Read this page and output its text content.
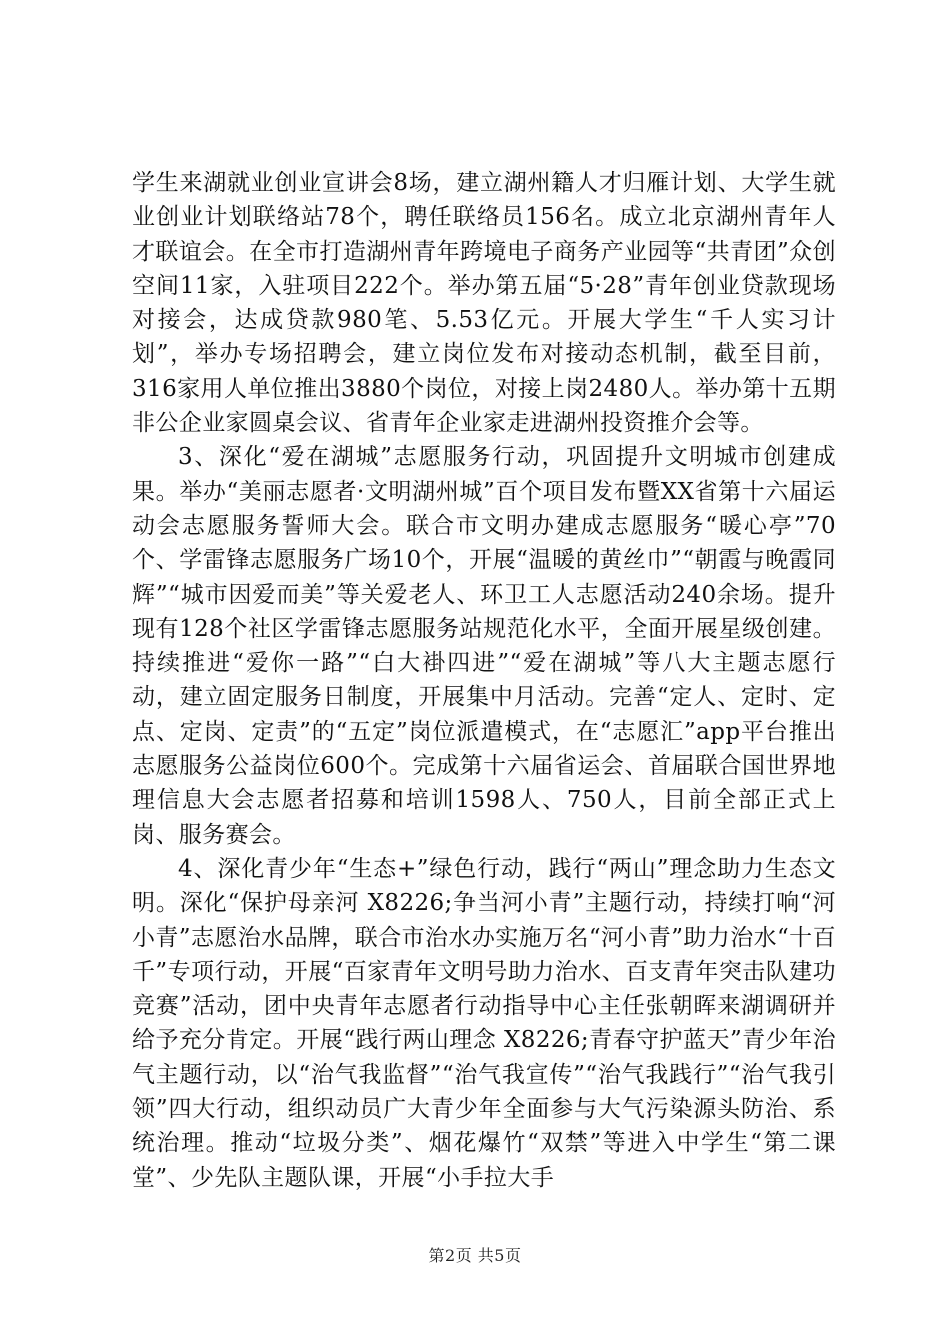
学生来湖就业创业宣讲会8场，建立湖州籍人才归雁计划、大学生就业创业计划联络站78个，聘任联络员156名。成立北京湖州青年人才联谊会。在全市打造湖州青年跨境电子商务产业园等“共青团”众创空间11家，入驻项目222个。举办第五届“5·28”青年创业贷款现场对接会，达成贷款980笔、5.53亿元。开展大学生“千人实习计划”，举办专场招聘会，建立岗位发布对接动态机制，截至目前，316家用人单位推出3880个岗位，对接上岗2480人。举办第十五期非公企业家圆桌会议、省青年企业家走进湖州投资推介会等。

3、深化“爱在湖城”志愿服务行动，巩固提升文明城市创建成果。举办“美丽志愿者·文明湖州城”百个项目发布暨XX省第十六届运动会志愿服务誓师大会。联合市文明办建成志愿服务“暖心亭”70个、学雷锋志愿服务广场10个，开展“温暖的黄丝巾”“朝霞与晚霞同辉”“城市因爱而美”等关爱老人、环卫工人志愿活动240余场。提升现有128个社区学雷锋志愿服务站规范化水平，全面开展星级创建。持续推进“爱你一路”“白大褂四进”“爱在湖城”等八大主题志愿行动，建立固定服务日制度，开展集中月活动。完善“定人、定时、定点、定岗、定责”的“五定”岗位派遣模式，在“志愿汇”app平台推出志愿服务公益岗位600个。完成第十六届省运会、首届联合国世界地理信息大会志愿者招募和培训1598人、750人，目前全部正式上岗、服务赛会。

4、深化青少年“生态+”绿色行动，践行“两山”理念助力生态文明。深化“保护母亲河 X8226;争当河小青”主题行动，持续打响“河小青”志愿治水品牌，联合市治水办实施万名“河小青”助力治水“十百千”专项行动，开展“百家青年文明号助力治水、百支青年突击队建功竞赛”活动，团中央青年志愿者行动指导中心主任张朝晖来湖调研并给予充分肯定。开展“践行两山理念 X8226;青春守护蓝天”青少年治气主题行动，以“治气我监督”“治气我宣传”“治气我践行”“治气我引领”四大行动，组织动员广大青少年全面参与大气污染源头防治、系统治理。推动“垃圾分类”、烟花爆竹“双禁”等进入中学生“第二课堂”、少先队主题队课，开展“小手拉大手

第2页 共5页
